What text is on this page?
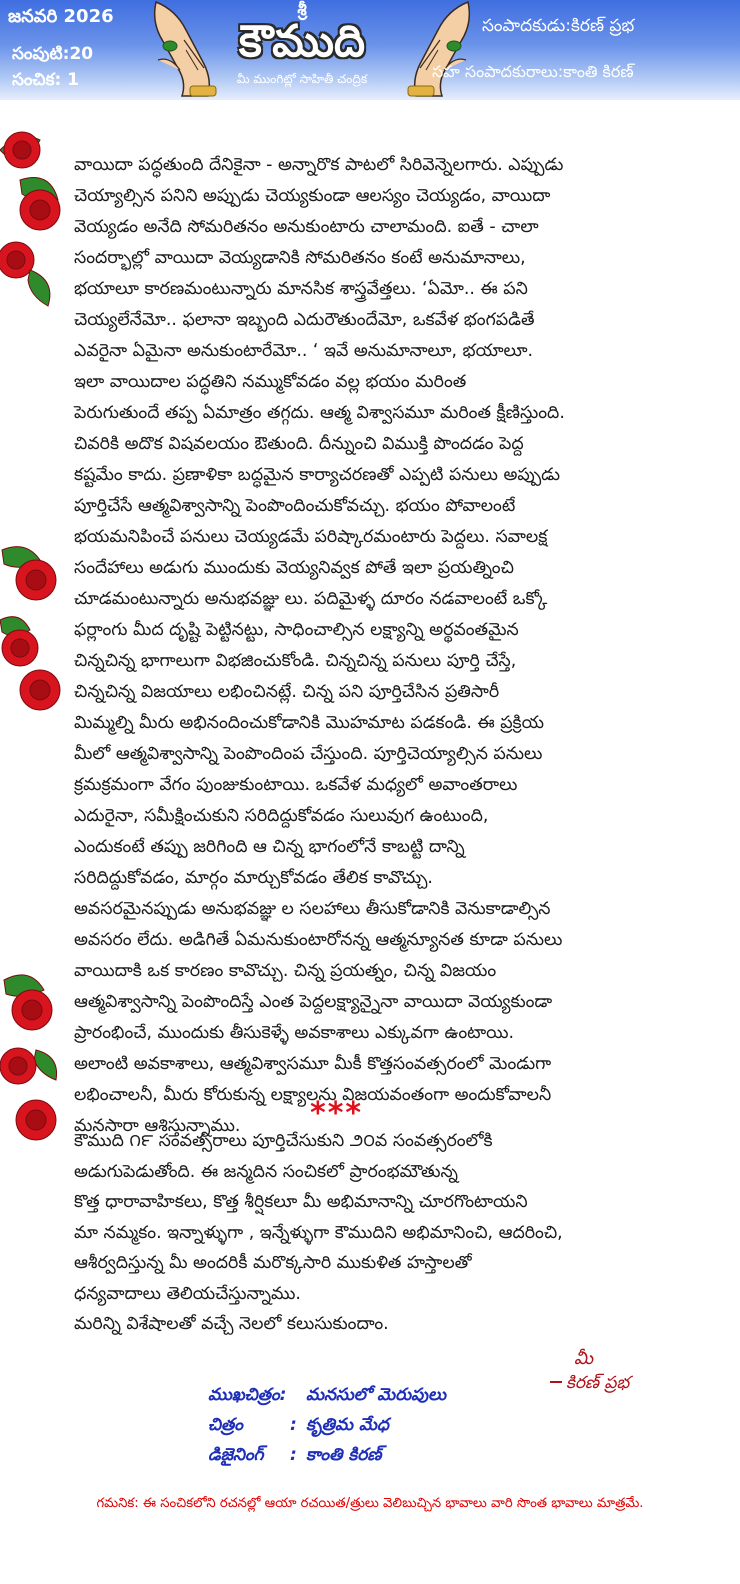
జనవరి 2026
సంపుటి:20
సంచిక: 1
శ్రీ
కౌముది
మీ ముంగిట్లో సాహితీ చంద్రిక
సంపాదకుడు:కిరణ్ ప్రభ
సహ సంపాదకురాలు:కాంతి కిరణ్
వాయిదా పద్ధతుంది దేనికైనా - అన్నారొక పాటలో సిరివెన్నెలగారు. ఎప్పుడు
చెయ్యాల్సిన పనిని అప్పుడు చెయ్యకుండా ఆలస్యం చెయ్యడం, వాయిదా
వెయ్యడం అనేది సోమరితనం అనుకుంటారు చాలామంది. ఐతే - చాలా
సందర్భాల్లో వాయిదా వెయ్యడానికి సోమరితనం కంటే అనుమానాలు,
భయాలూ కారణమంటున్నారు మానసిక శాస్త్రవేత్తలు. ‘ఏమో.. ఈ పని
చెయ్యలేనేమో.. ఫలానా ఇబ్బంది ఎదురౌతుందేమో, ఒకవేళ భంగపడితే
ఎవరైనా ఏమైనా అనుకుంటారేమో.. ‘ ఇవే అనుమానాలూ, భయాలూ.
ఇలా వాయిదాల పద్ధతిని నమ్ముకోవడం వల్ల భయం మరింత
పెరుగుతుందే తప్ప ఏమాత్రం తగ్గదు. ఆత్మ విశ్వాసమూ మరింత క్షీణిస్తుంది.
చివరికి అదొక విషవలయం ఔతుంది. దీన్నుంచి విముక్తి పొందడం పెద్ద
కష్టమేం కాదు. ప్రణాళికా బద్ధమైన కార్యాచరణతో ఎప్పటి పనులు అప్పుడు
పూర్తిచేసే ఆత్మవిశ్వాసాన్ని పెంపొందించుకోవచ్చు. భయం పోవాలంటే
భయమనిపించే పనులు చెయ్యడమే పరిష్కారమంటారు పెద్దలు. సవాలక్ష
సందేహాలు అడుగు ముందుకు వెయ్యనివ్వక పోతే ఇలా ప్రయత్నించి
చూడమంటున్నారు అనుభవజ్ఞు లు. పదిమైళ్ళ దూరం నడవాలంటే ఒక్కో
ఫర్లాంగు మీద దృష్టి పెట్టినట్టు, సాధించాల్సిన లక్ష్యాన్ని అర్థవంతమైన
చిన్నచిన్న భాగాలుగా విభజించుకోండి. చిన్నచిన్న పనులు పూర్తి చేస్తే,
చిన్నచిన్న విజయాలు లభించినట్లే. చిన్న పని పూర్తిచేసిన ప్రతిసారీ
మిమ్మల్ని మీరు అభినందించుకోడానికి మొహమాట పడకండి. ఈ ప్రక్రియ
మీలో ఆత్మవిశ్వాసాన్ని పెంపొందింప చేస్తుంది. పూర్తిచెయ్యాల్సిన పనులు
క్రమక్రమంగా వేగం పుంజుకుంటాయి. ఒకవేళ మధ్యలో అవాంతరాలు
ఎదురైనా, సమీక్షించుకుని సరిదిద్దుకోవడం సులువుగ ఉంటుంది,
ఎందుకంటే తప్పు జరిగింది ఆ చిన్న భాగంలోనే కాబట్టి దాన్ని
సరిదిద్దుకోవడం, మార్గం మార్చుకోవడం తేలిక కావొచ్చు.
అవసరమైనప్పుడు అనుభవజ్ఞు ల సలహాలు తీసుకోడానికి వెనుకాడాల్సిన
అవసరం లేదు. అడిగితే ఏమనుకుంటారోనన్న ఆత్మన్యూనత కూడా పనులు
వాయిదాకి ఒక కారణం కావొచ్చు. చిన్న ప్రయత్నం, చిన్న విజయం
ఆత్మవిశ్వాసాన్ని పెంపొందిస్తే ఎంత పెద్దలక్ష్యాన్నైనా వాయిదా వెయ్యకుండా
ప్రారంభించే, ముందుకు తీసుకెళ్ళే అవకాశాలు ఎక్కువగా ఉంటాయి.
అలాంటి అవకాశాలు, ఆత్మవిశ్వాసమూ మీకీ కొత్తసంవత్సరంలో మెండుగా
లభించాలనీ, మీరు కోరుకున్న లక్ష్యాలను విజయవంతంగా అందుకోవాలనీ
మనసారా ఆశిస్తున్నాము.	***
కౌముది ౧౯ సంవత్సరాలు పూర్తిచేసుకుని ౨౦వ సంవత్సరంలోకి
అడుగుపెడుతోంది. ఈ జన్మదిన సంచికలో ప్రారంభమౌతున్న
కొత్త ధారావాహికలు, కొత్త శీర్షికలూ మీ అభిమానాన్ని చూరగొంటాయని
మా నమ్మకం. ఇన్నాళ్ళుగా , ఇన్నేళ్ళుగా కౌముదిని అభిమానించి, ఆదరించి,
ఆశీర్వదిస్తున్న మీ అందరికీ మరొక్కసారి ముకుళిత హస్తాలతో
ధన్యవాదాలు తెలియచేస్తున్నాము.
మరిన్ని విశేషాలతో వచ్చే నెలలో కలుసుకుందాం.
మీ
కిరణ్ ప్రభ
ముఖచిత్రం: మనసులో మెరుపులు
చిత్రం	: కృత్రిమ మేధ
డిజైనింగ్ : కాంతి కిరణ్
గమనిక: ఈ సంచికలోని రచనల్లో ఆయా రచయిత/త్రులు వెలిబుచ్చిన భావాలు వారి సొంత భావాలు మాత్రమే.
